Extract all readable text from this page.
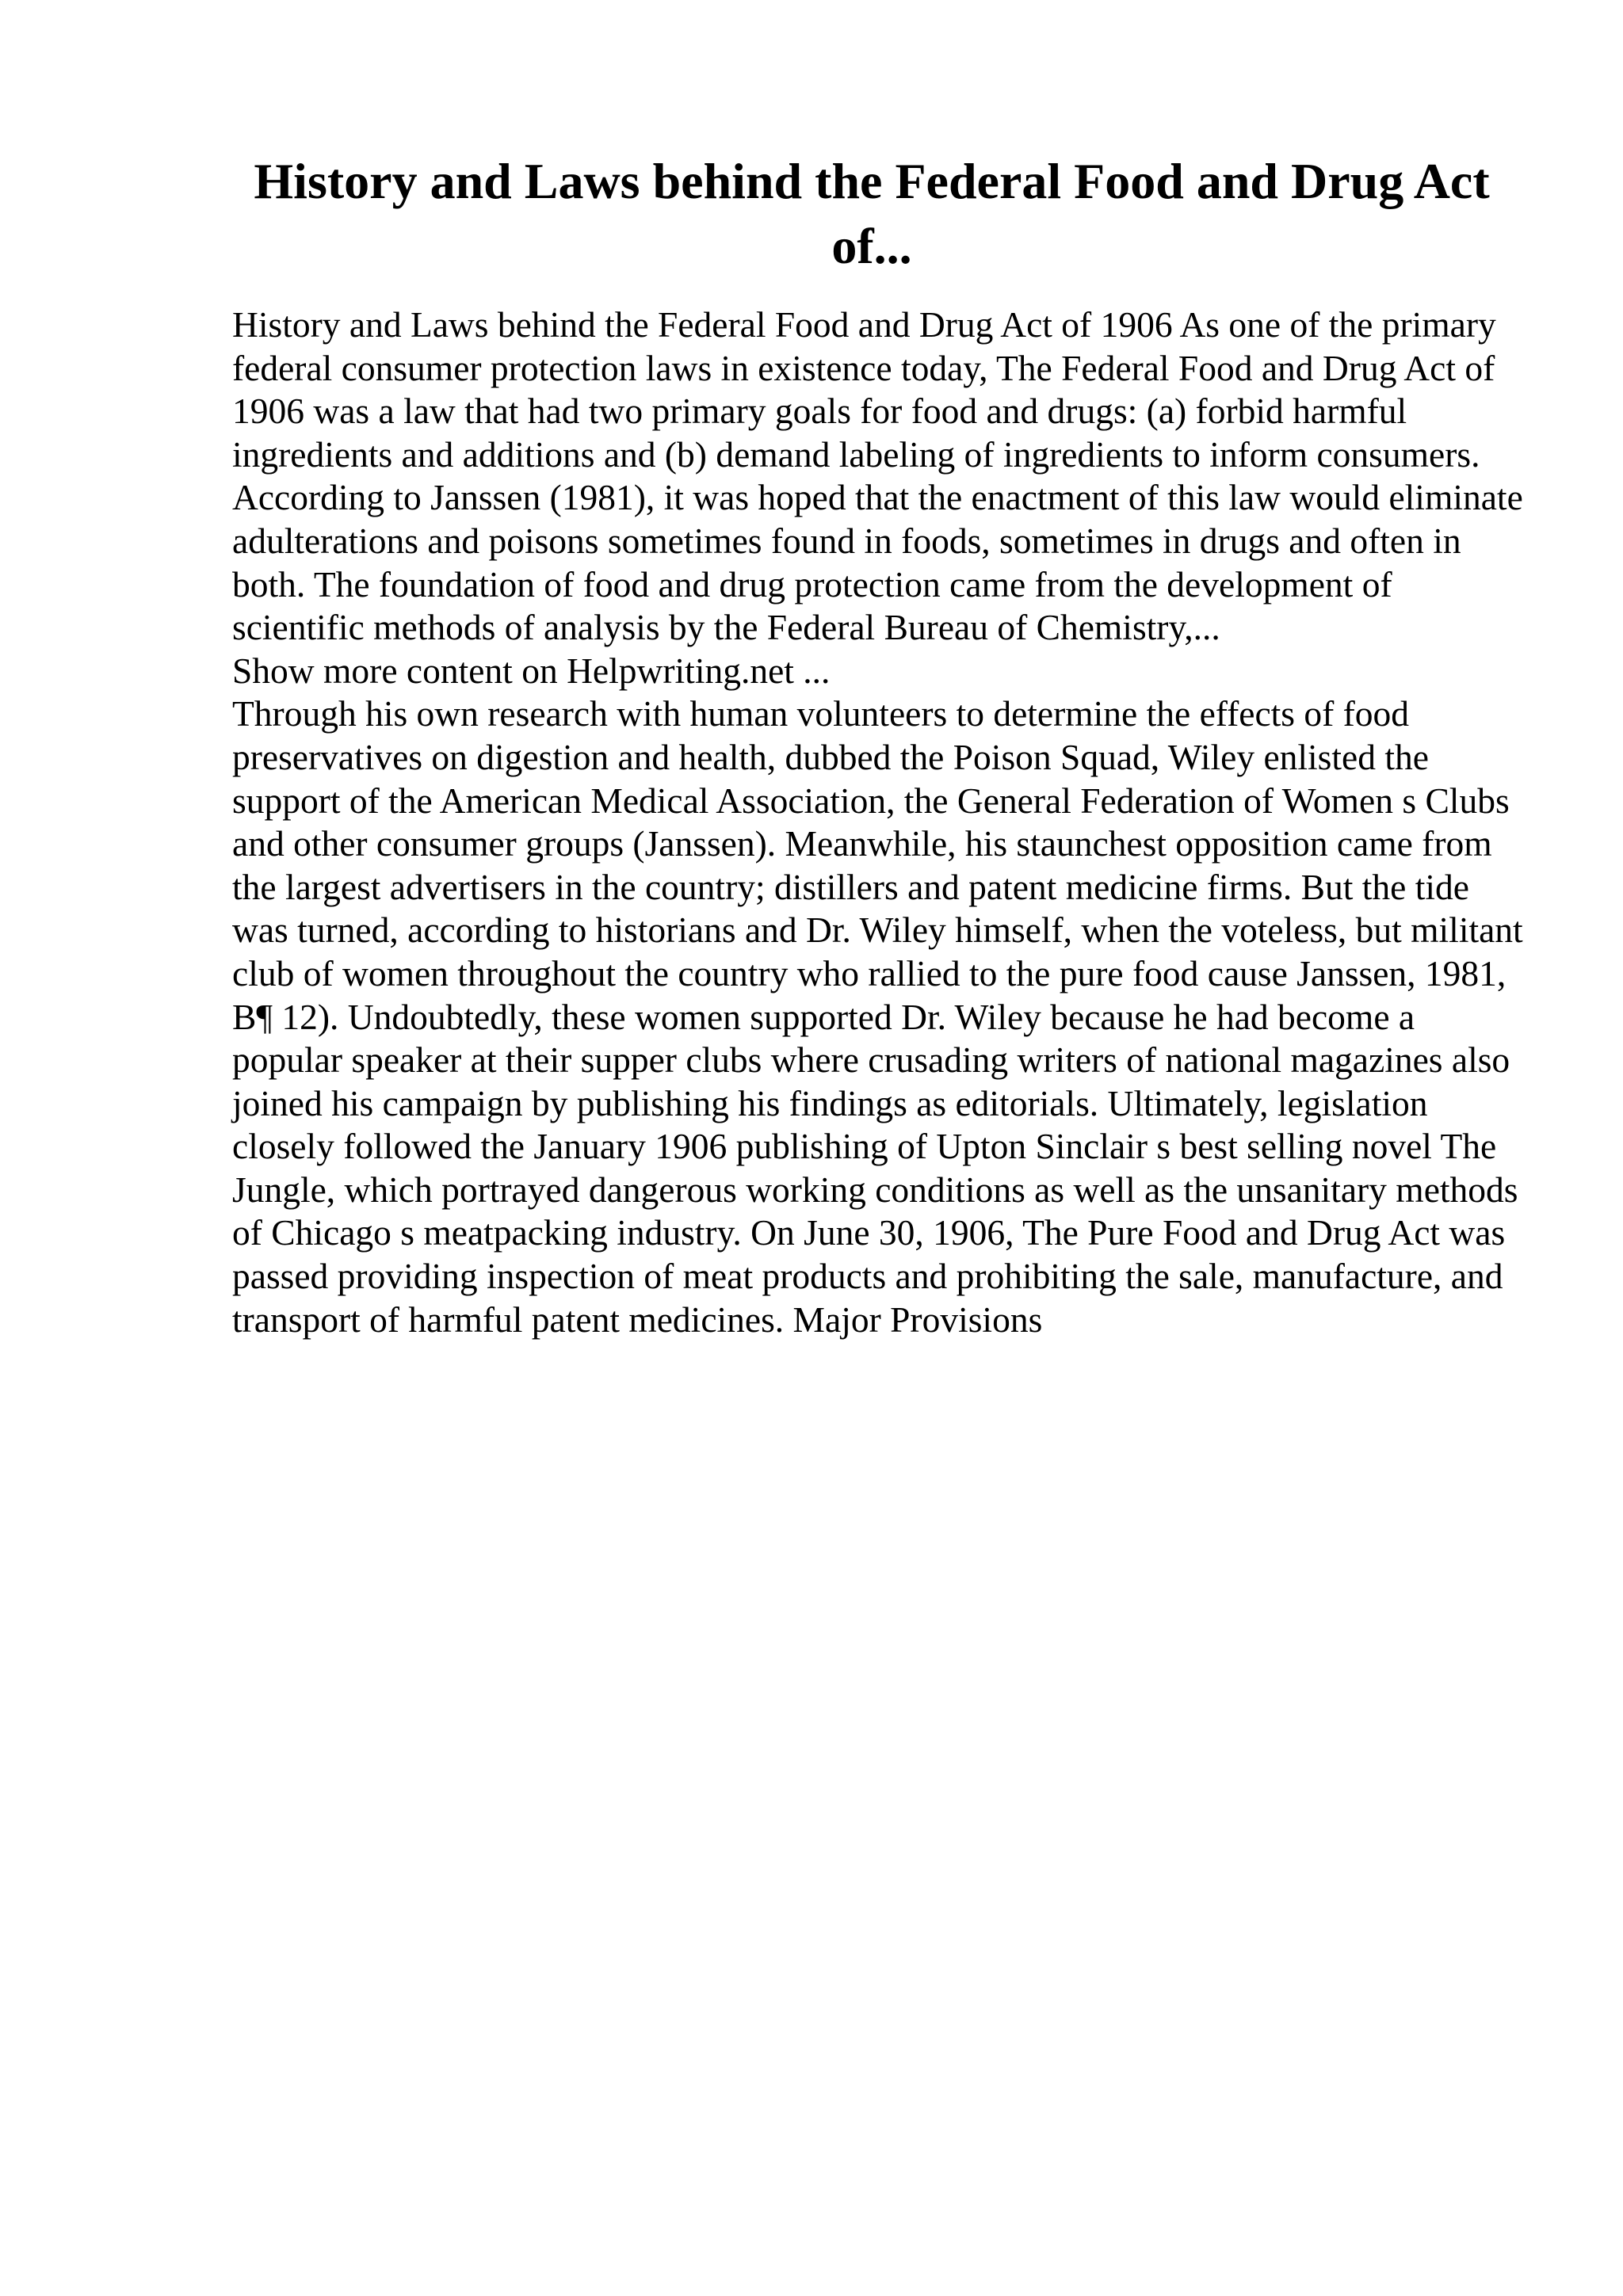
History and Laws behind the Federal Food and Drug Act of...

History and Laws behind the Federal Food and Drug Act of 1906 As one of the primary federal consumer protection laws in existence today, The Federal Food and Drug Act of 1906 was a law that had two primary goals for food and drugs: (a) forbid harmful ingredients and additions and (b) demand labeling of ingredients to inform consumers. According to Janssen (1981), it was hoped that the enactment of this law would eliminate adulterations and poisons sometimes found in foods, sometimes in drugs and often in both. The foundation of food and drug protection came from the development of scientific methods of analysis by the Federal Bureau of Chemistry,...

Show more content on Helpwriting.net ...

Through his own research with human volunteers to determine the effects of food preservatives on digestion and health, dubbed the Poison Squad, Wiley enlisted the support of the American Medical Association, the General Federation of Women s Clubs and other consumer groups (Janssen). Meanwhile, his staunchest opposition came from the largest advertisers in the country; distillers and patent medicine firms. But the tide was turned, according to historians and Dr. Wiley himself, when the voteless, but militant club of women throughout the country who rallied to the pure food cause Janssen, 1981, B¶ 12). Undoubtedly, these women supported Dr. Wiley because he had become a popular speaker at their supper clubs where crusading writers of national magazines also joined his campaign by publishing his findings as editorials. Ultimately, legislation closely followed the January 1906 publishing of Upton Sinclair s best selling novel The Jungle, which portrayed dangerous working conditions as well as the unsanitary methods of Chicago s meatpacking industry. On June 30, 1906, The Pure Food and Drug Act was passed providing inspection of meat products and prohibiting the sale, manufacture, and transport of harmful patent medicines. Major Provisions
